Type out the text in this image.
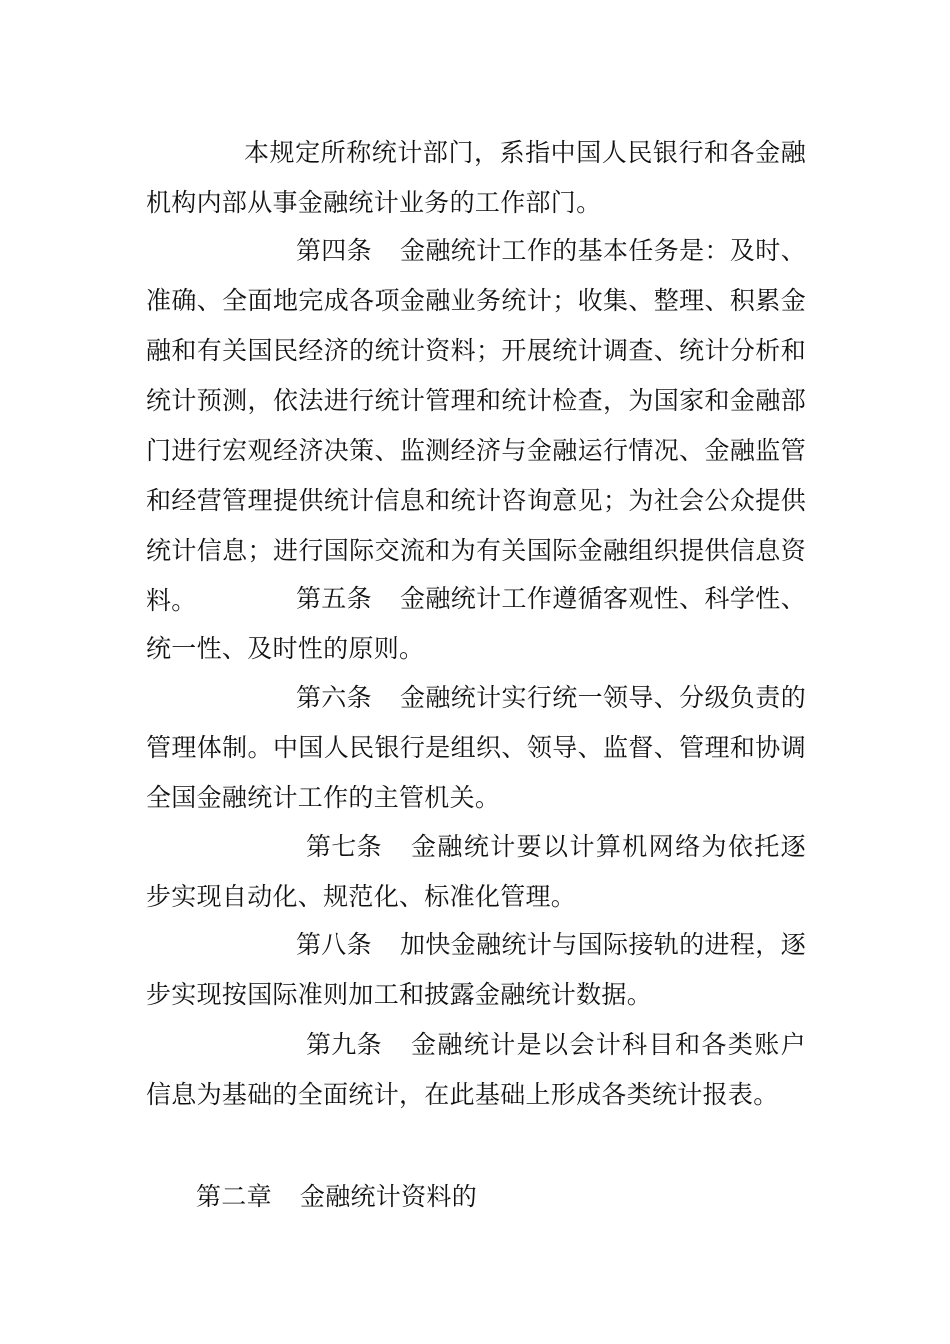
本规定所称统计部门，系指中国人民银行和各金融机构内部从事金融统计业务的工作部门。

第四条 金融统计工作的基本任务是：及时、准确、全面地完成各项金融业务统计；收集、整理、积累金融和有关国民经济的统计资料；开展统计调查、统计分析和统计预测，依法进行统计管理和统计检查，为国家和金融部门进行宏观经济决策、监测经济与金融运行情况、金融监管和经营管理提供统计信息和统计咨询意见；为社会公众提供统计信息；进行国际交流和为有关国际金融组织提供信息资料。	第五条 金融统计工作遵循客观性、科学性、统一性、及时性的原则。

第六条 金融统计实行统一领导、分级负责的管理体制。中国人民银行是组织、领导、监督、管理和协调全国金融统计工作的主管机关。

第七条 金融统计要以计算机网络为依托逐步实现自动化、规范化、标准化管理。

第八条 加快金融统计与国际接轨的进程，逐步实现按国际准则加工和披露金融统计数据。

第九条 金融统计是以会计科目和各类账户信息为基础的全面统计，在此基础上形成各类统计报表。

第二章 金融统计资料的
